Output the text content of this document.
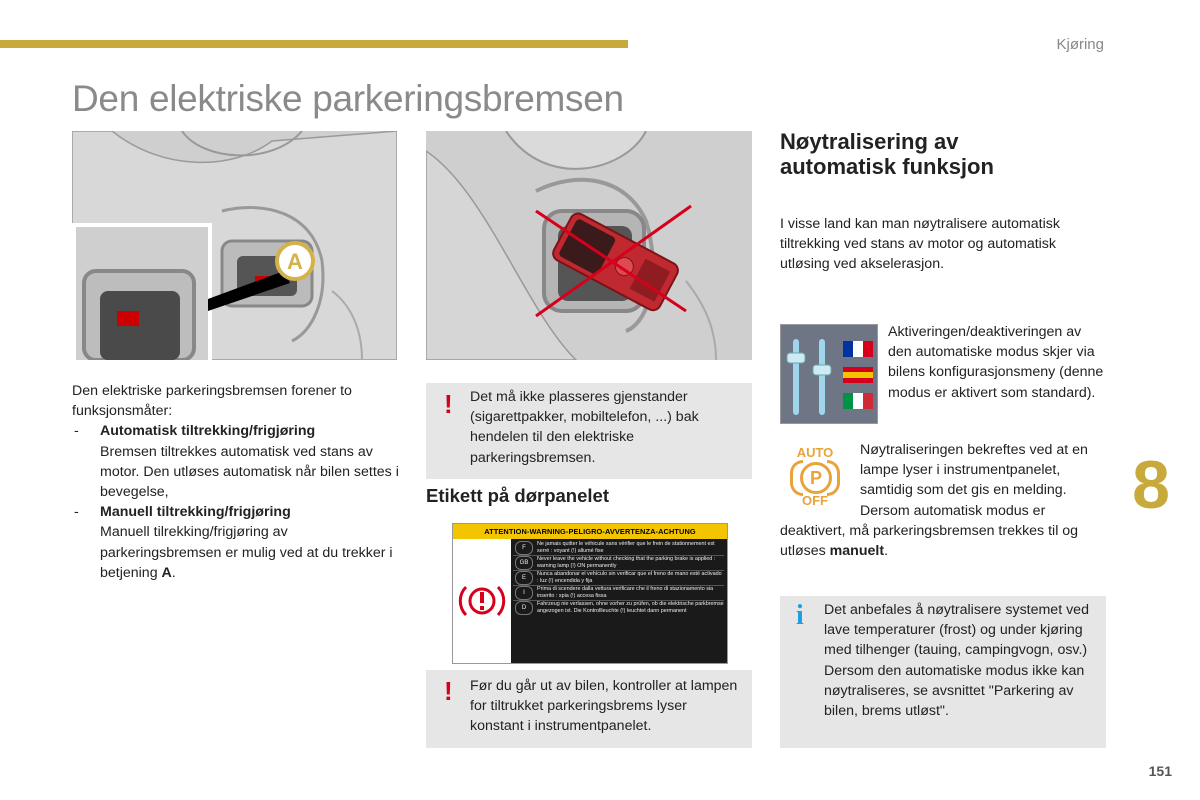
Kjøring
Den elektriske parkeringsbremsen
A
Den elektriske parkeringsbremsen forener to funksjonsmåter:
- Automatisk tiltrekking/frigjøring
Bremsen tiltrekkes automatisk ved stans av motor. Den utløses automatisk når bilen settes i bevegelse,
- Manuell tiltrekking/frigjøring
Manuell tilrekking/frigjøring av parkeringsbremsen er mulig ved at du trekker i betjening A.
! Det må ikke plasseres gjenstander (sigarettpakker, mobiltelefon, ...) bak hendelen til den elektriske parkeringsbremsen.
Etikett på dørpanelet
ATTENTION-WARNING-PELIGRO-AVVERTENZA-ACHTUNG
F
Ne jamais quitter le véhicule sans vérifier que le frein de stationnement est serré : voyant (!) allumé fixe
GB
Never leave the vehicle without checking that the parking brake is applied : warning lamp (!) ON permanently
E
Nunca abandonar el vehículo sin verificar que el freno de mano esté activado : luz (!) encendida y fija
I
Prima di scendere dalla vettura verificare che il freno di stazionamento sia inserito : spia (!) accesa fissa
D
Fahrzeug nie verlassen, ohne vorher zu prüfen, ob die elektrische parkbremse angezogen ist. Die Kontrollleuchte (!) leuchtet dann permanent
! Før du går ut av bilen, kontroller at lampen for tiltrukket parkeringsbrems lyser konstant i instrumentpanelet.
Nøytralisering av
automatisk funksjon
I visse land kan man nøytralisere automatisk tiltrekking ved stans av motor og automatisk utløsing ved akselerasjon.
Aktiveringen/deaktiveringen av den automatiske modus skjer via bilens konfigurasjonsmeny (denne modus er aktivert som standard).
AUTO
P
OFF
Nøytraliseringen bekreftes ved at en lampe lyser i instrumentpanelet, samtidig som det gis en melding. Dersom automatisk modus er
deaktivert, må parkeringsbremsen trekkes til og utløses manuelt.
i Det anbefales å nøytralisere systemet ved lave temperaturer (frost) og under kjøring med tilhenger (tauing, campingvogn, osv.) Dersom den automatiske modus ikke kan nøytraliseres, se avsnittet "Parkering av bilen, brems utløst".
8
151
